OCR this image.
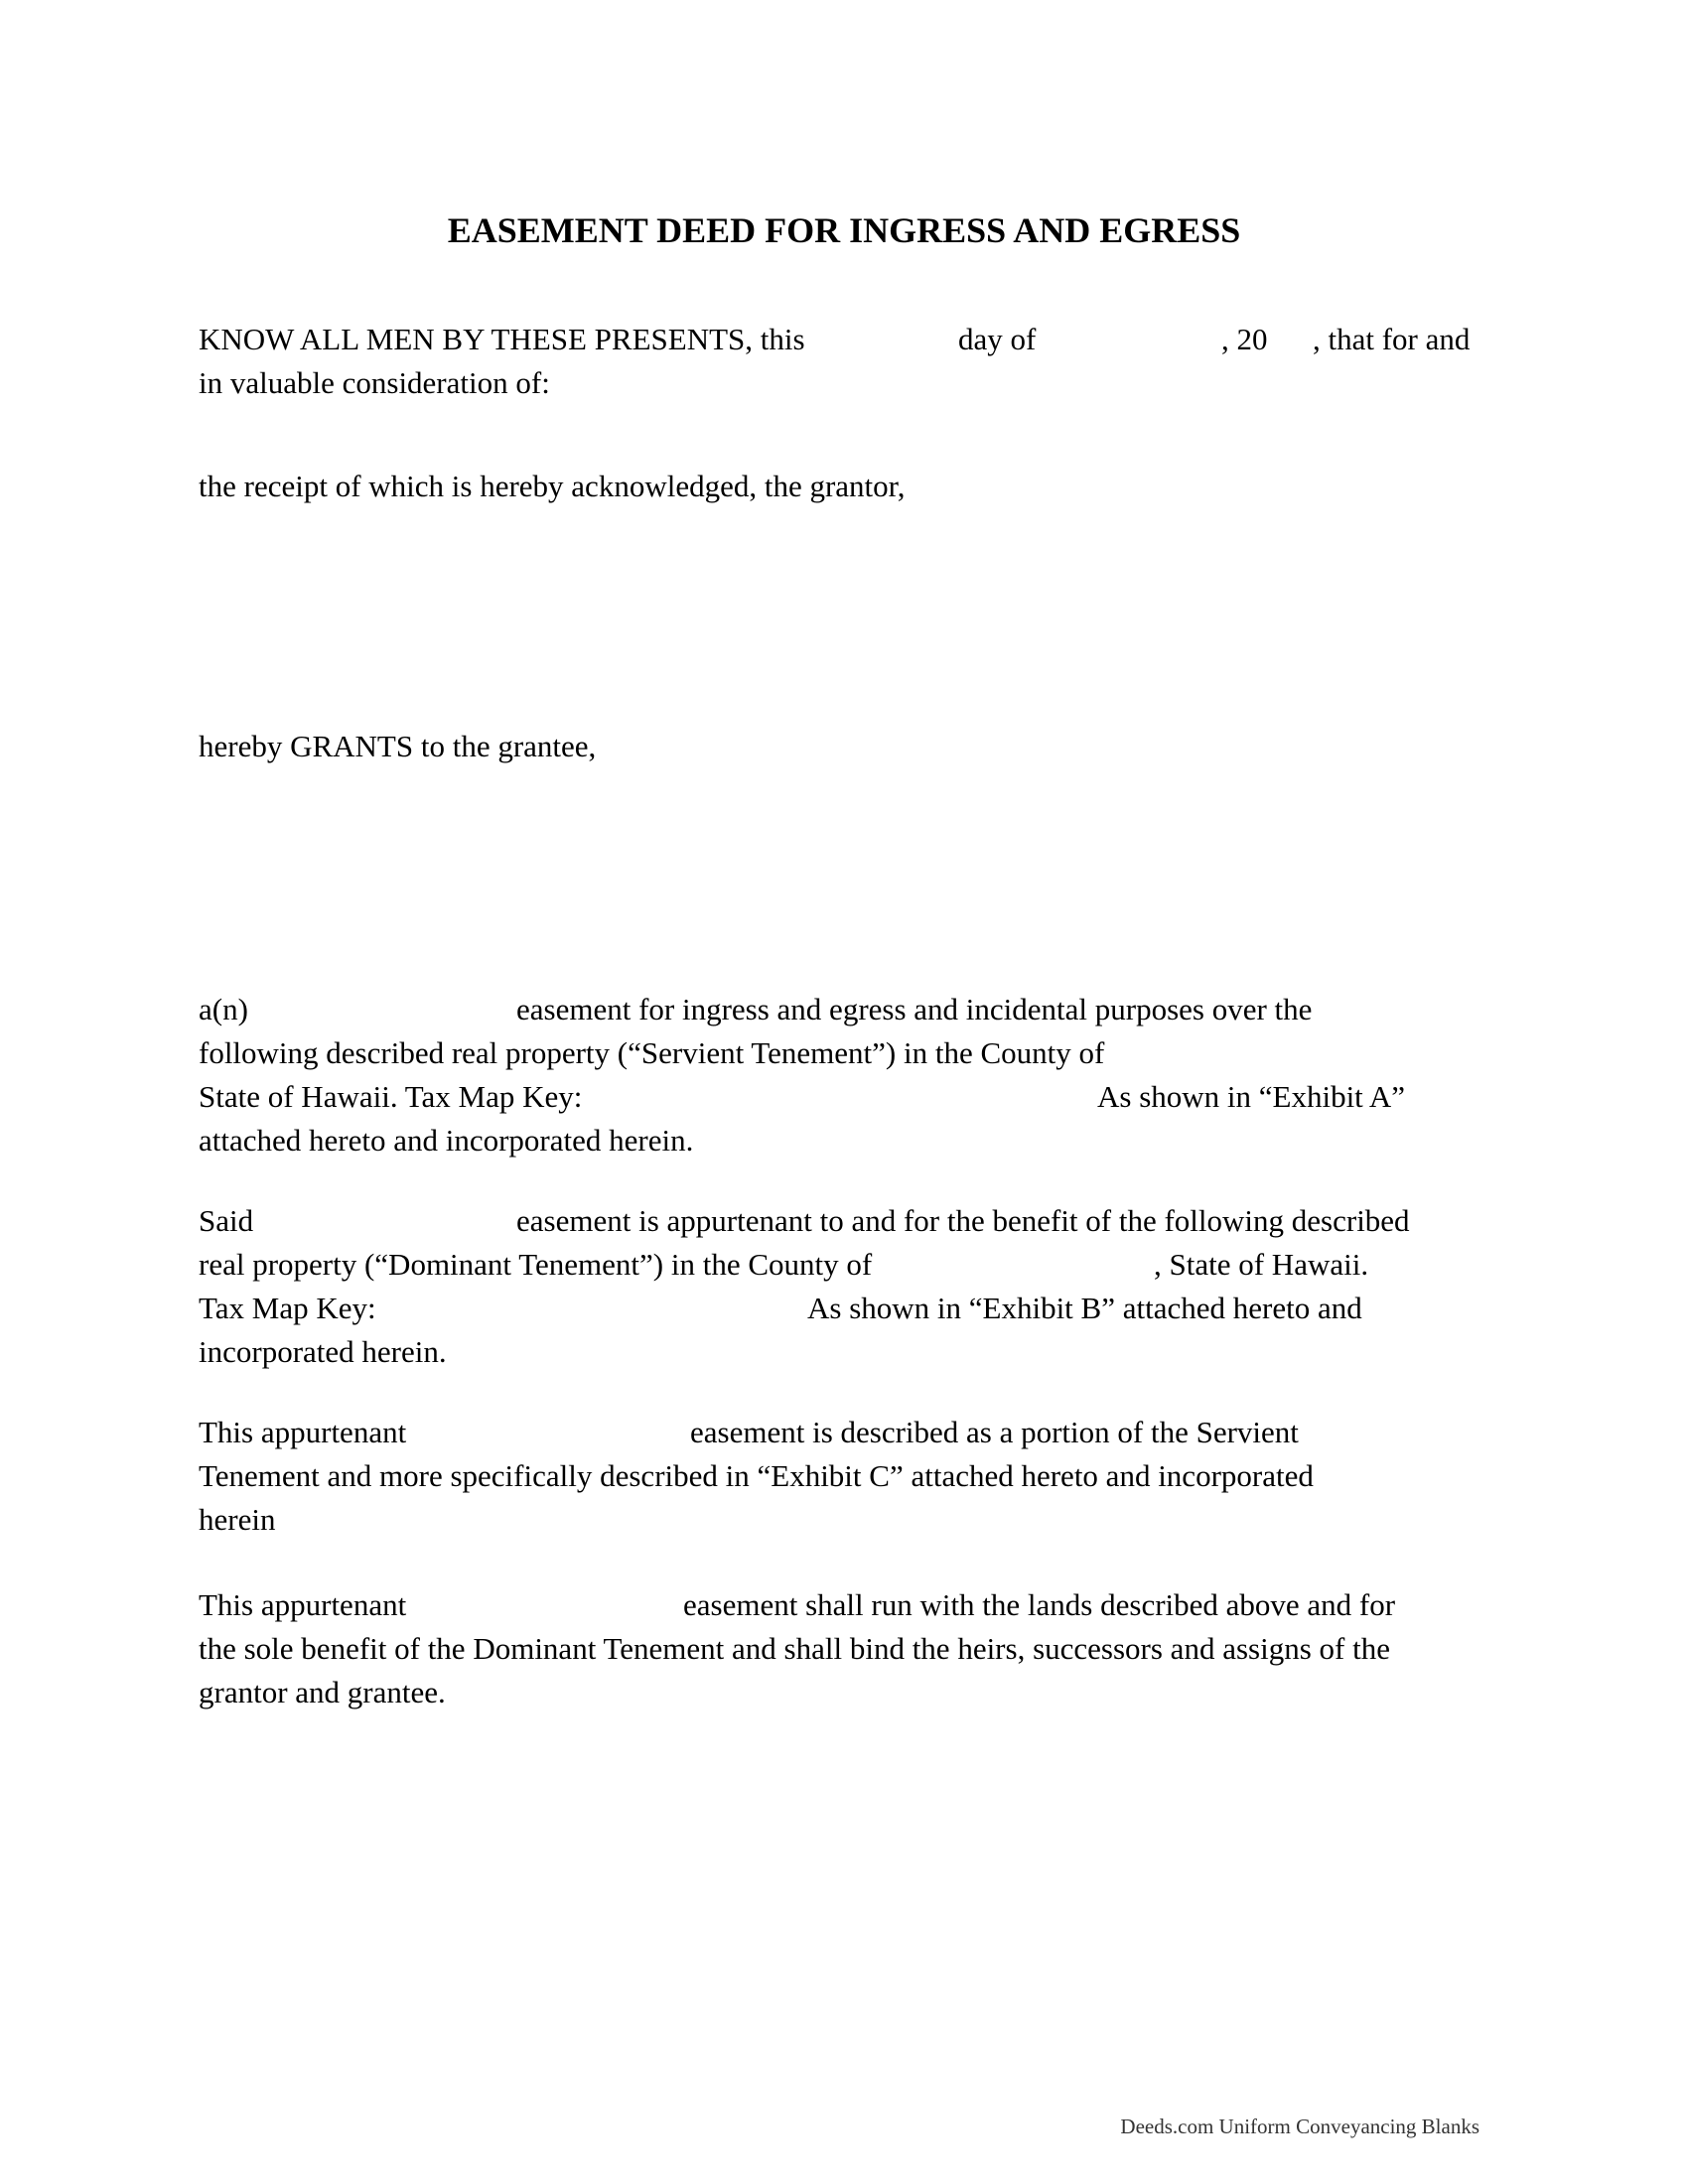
EASEMENT DEED FOR INGRESS AND EGRESS
KNOW ALL MEN BY THESE PRESENTS, this	day of	, 20 , that for and
in valuable consideration of:
the receipt of which is hereby acknowledged, the grantor,
hereby GRANTS to the grantee,
a(n)	easement for ingress and egress and incidental purposes over the
following described real property (“Servient Tenement”) in the County of
State of Hawaii. Tax Map Key:	As shown in “Exhibit A”
attached hereto and incorporated herein.
Said	easement is appurtenant to and for the benefit of the following described
real property (“Dominant Tenement”) in the County of	, State of Hawaii.
Tax Map Key:	As shown in “Exhibit B” attached hereto and
incorporated herein.
This appurtenant	easement is described as a portion of the Servient
Tenement and more specifically described in “Exhibit C” attached hereto and incorporated
herein
This appurtenant	easement shall run with the lands described above and for
the sole benefit of the Dominant Tenement and shall bind the heirs, successors and assigns of the
grantor and grantee.
Deeds.com Uniform Conveyancing Blanks
